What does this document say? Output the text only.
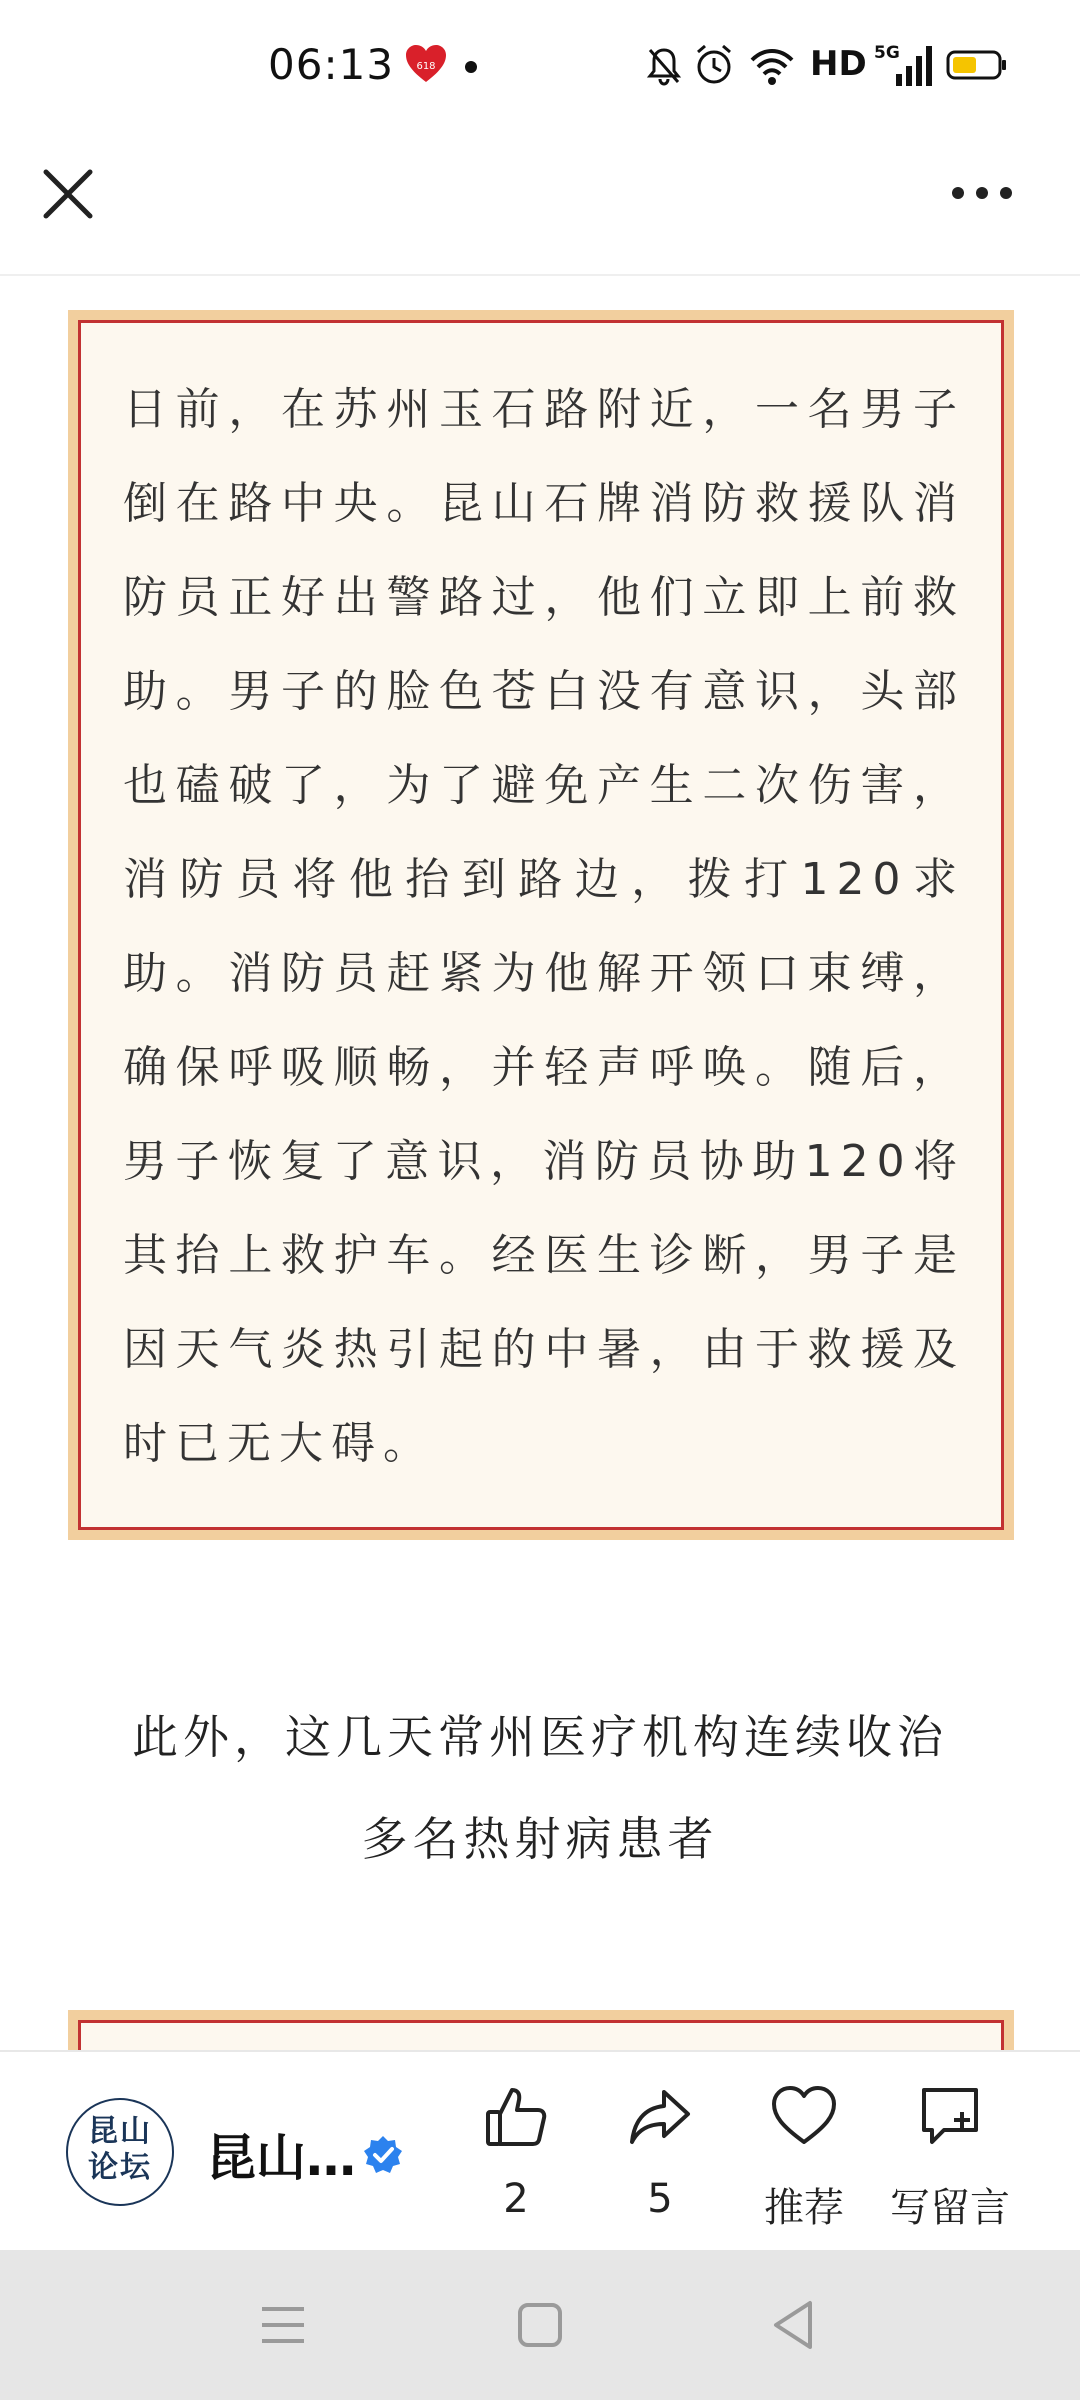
06:13 618	HD 5G

日前，在苏州玉石路附近，一名男子倒在路中央。昆山石牌消防救援队消防员正好出警路过，他们立即上前救助。男子的脸色苍白没有意识，头部也磕破了，为了避免产生二次伤害，消防员将他抬到路边，拨打120求助。消防员赶紧为他解开领口束缚，确保呼吸顺畅，并轻声呼唤。随后，男子恢复了意识，消防员协助120将其抬上救护车。经医生诊断，男子是因天气炎热引起的中暑，由于救援及时已无大碍。

此外，这几天常州医疗机构连续收治
多名热射病患者
昆山
论坛	昆山…
2	5	推荐	写留言
